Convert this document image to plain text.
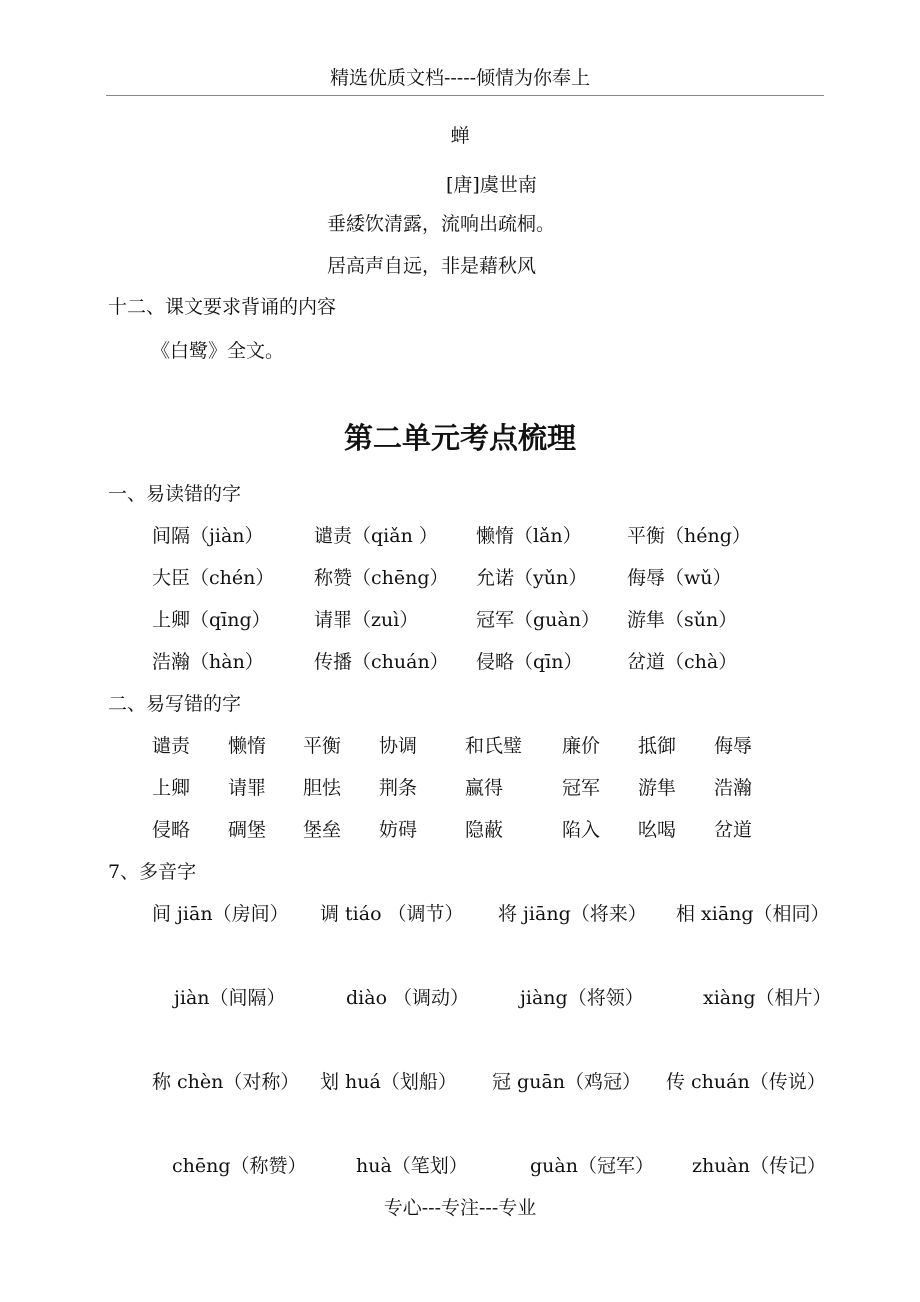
精选优质文档-----倾情为你奉上
蝉
[唐]虞世南
垂緌饮清露，流响出疏桐。
居高声自远，非是藉秋风
十二、课文要求背诵的内容
《白鹭》全文。
第二单元考点梳理
一、易读错的字
间隔（jiàn）	谴责（qiǎn ） 懒惰（lǎn） 平衡（héng）
大臣（chén） 称赞（chēng） 允诺（yǔn） 侮辱（wǔ）
上卿（qīng） 请罪（zuì）	冠军（guàn） 游隼（sǔn）
浩瀚（hàn）	传播（chuán） 侵略（qīn） 岔道（chà）
二、易写错的字
谴责 懒惰 平衡 协调	和氏璧 廉价 抵御 侮辱
上卿 请罪 胆怯 荆条	赢得	冠军 游隼 浩瀚
侵略 碉堡 堡垒 妨碍	隐蔽	陷入 吆喝 岔道
7、多音字
间 jiān（房间） 调 tiáo （调节） 将 jiāng（将来） 相 xiāng（相同）
jiàn（间隔）	diào （调动）	jiàng（将领）	xiàng（相片）
称 chèn（对称） 划 huá（划船） 冠 guān（鸡冠） 传 chuán（传说）
chēng（称赞）	huà（笔划）	guàn（冠军） zhuàn（传记）
专心---专注---专业
